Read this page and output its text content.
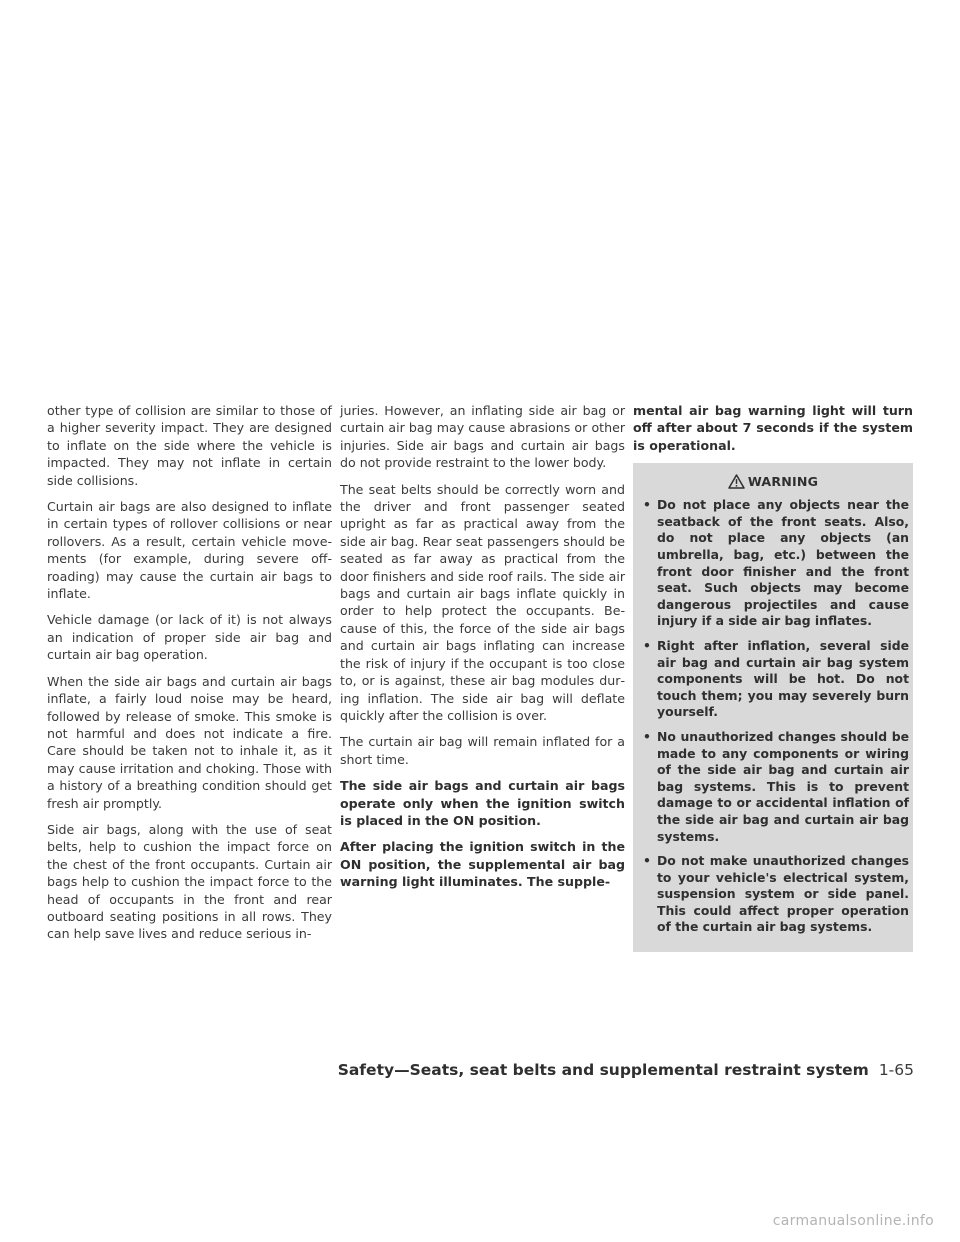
other type of collision are similar to those of a higher severity impact. They are designed to inflate on the side where the vehicle is impacted. They may not inflate in certain side collisions.

Curtain air bags are also designed to inflate in certain types of rollover collisions or near rollovers. As a result, certain vehicle movements (for example, during severe off-roading) may cause the curtain air bags to inflate.

Vehicle damage (or lack of it) is not always an indication of proper side air bag and curtain air bag operation.

When the side air bags and curtain air bags inflate, a fairly loud noise may be heard, followed by release of smoke. This smoke is not harmful and does not indicate a fire. Care should be taken not to inhale it, as it may cause irritation and choking. Those with a history of a breathing condition should get fresh air promptly.

Side air bags, along with the use of seat belts, help to cushion the impact force on the chest of the front occupants. Curtain air bags help to cushion the impact force to the head of occupants in the front and rear outboard seating positions in all rows. They can help save lives and reduce serious in-

juries. However, an inflating side air bag or curtain air bag may cause abrasions or other injuries. Side air bags and curtain air bags do not provide restraint to the lower body.

The seat belts should be correctly worn and the driver and front passenger seated upright as far as practical away from the side air bag. Rear seat passengers should be seated as far away as practical from the door finishers and side roof rails. The side air bags and curtain air bags inflate quickly in order to help protect the occupants. Because of this, the force of the side air bags and curtain air bags inflating can increase the risk of injury if the occupant is too close to, or is against, these air bag modules during inflation. The side air bag will deflate quickly after the collision is over.

The curtain air bag will remain inflated for a short time.

The side air bags and curtain air bags operate only when the ignition switch is placed in the ON position.

After placing the ignition switch in the ON position, the supplemental air bag warning light illuminates. The supple-

mental air bag warning light will turn off after about 7 seconds if the system is operational.

WARNING
• Do not place any objects near the seatback of the front seats. Also, do not place any objects (an umbrella, bag, etc.) between the front door finisher and the front seat. Such objects may become dangerous projectiles and cause injury if a side air bag inflates.
• Right after inflation, several side air bag and curtain air bag system components will be hot. Do not touch them; you may severely burn yourself.
• No unauthorized changes should be made to any components or wiring of the side air bag and curtain air bag systems. This is to prevent damage to or accidental inflation of the side air bag and curtain air bag systems.
• Do not make unauthorized changes to your vehicle's electrical system, suspension system or side panel. This could affect proper operation of the curtain air bag systems.
Safety—Seats, seat belts and supplemental restraint system 1-65
carmanualsonline.info
